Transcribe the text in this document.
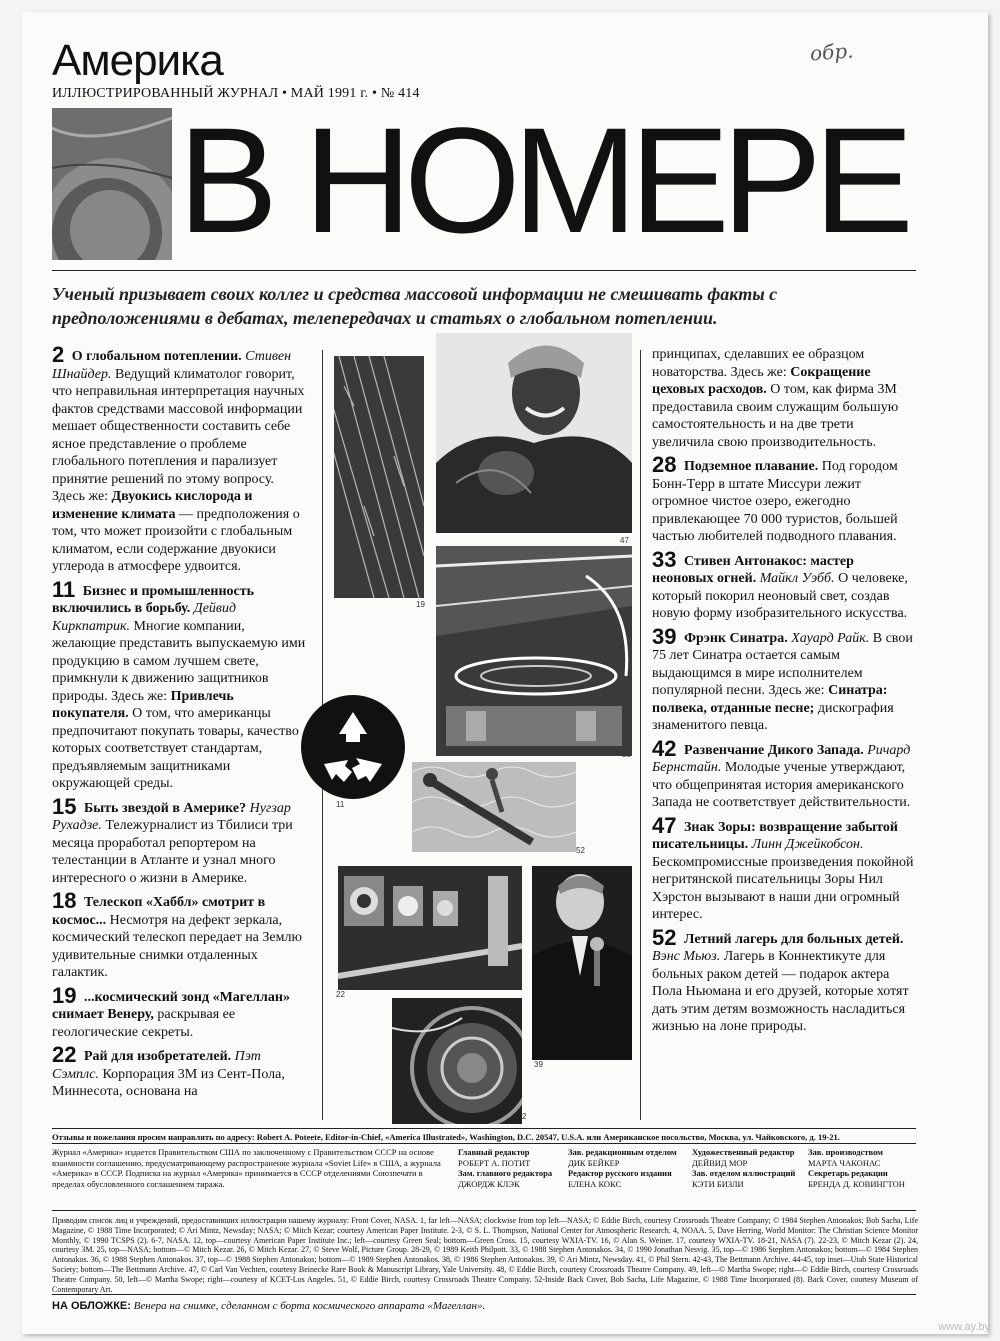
Америка
ИЛЛЮСТРИРОВАННЫЙ ЖУРНАЛ • МАЙ 1991 г. • № 414
обр.
В НОМЕРЕ
Ученый призывает своих коллег и средства массовой информации не смешивать факты с предположениями в дебатах, телепередачах и статьях о глобальном потеплении.
2 О глобальном потеплении. Стивен Шнайдер. Ведущий климатолог говорит, что неправильная интерпретация научных фактов средствами массовой информации мешает общественности составить себе ясное представление о проблеме глобального потепления и парализует принятие решений по этому вопросу. Здесь же: Двуокись кислорода и изменение климата — предположения о том, что может произойти с глобальным климатом, если содержание двуокиси углерода в атмосфере удвоится.
11 Бизнес и промышленность включились в борьбу. Дейвид Киркпатрик. Многие компании, желающие представить выпускаемую ими продукцию в самом лучшем свете, примкнули к движению защитников природы. Здесь же: Привлечь покупателя. О том, что американцы предпочитают покупать товары, качество которых соответствует стандартам, предъявляемым защитниками окружающей среды.
15 Быть звездой в Америке? Нугзар Рухадзе. Тележурналист из Тбилиси три месяца проработал репортером на телестанции в Атланте и узнал много интересного о жизни в Америке.
18 Телескоп «Хаббл» смотрит в космос... Несмотря на дефект зеркала, космический телескоп передает на Землю удивительные снимки отдаленных галактик.
19 ...космический зонд «Магеллан» снимает Венеру, раскрывая ее геологические секреты.
22 Рай для изобретателей. Пэт Сэмплс. Корпорация 3М из Сент-Пола, Миннесота, основана на
19
47
33
11
52
22
39
2
принципах, сделавших ее образцом новаторства. Здесь же: Сокращение цеховых расходов. О том, как фирма 3М предоставила своим служащим большую самостоятельность и на две трети увеличила свою производительность.
28 Подземное плавание. Под городом Бонн-Терр в штате Миссури лежит огромное чистое озеро, ежегодно привлекающее 70 000 туристов, большей частью любителей подводного плавания.
33 Стивен Антонакос: мастер неоновых огней. Майкл Уэбб. О человеке, который покорил неоновый свет, создав новую форму изобразительного искусства.
39 Фрэнк Синатра. Хауард Райк. В свои 75 лет Синатра остается самым выдающимся в мире исполнителем популярной песни. Здесь же: Синатра: полвека, отданные песне; дискография знаменитого певца.
42 Развенчание Дикого Запада. Ричард Бернстайн. Молодые ученые утверждают, что общепринятая история американского Запада не соответствует действительности.
47 Знак Зоры: возвращение забытой писательницы. Линн Джейкобсон. Бескомпромиссные произведения покойной негритянской писательницы Зоры Нил Хэрстон вызывают в наши дни огромный интерес.
52 Летний лагерь для больных детей. Вэнс Мьюз. Лагерь в Коннектикуте для больных раком детей — подарок актера Пола Ньюмана и его друзей, которые хотят дать этим детям возможность насладиться жизнью на лоне природы.
Отзывы и пожелания просим направлять по адресу: Robert A. Poteete, Editor-in-Chief, «America Illustrated», Washington, D.C. 20547, U.S.A. или Американское посольство, Москва, ул. Чайковского, д. 19-21.
Журнал «Америка» издается Правительством США по заключенному с Правительством СССР на основе взаимности соглашению, предусматривающему распространение журнала «Soviet Life» в США, а журнала «Америка» в СССР. Подписка на журнал «Америка» принимается в СССР отделениями Союзпечати в пределах обусловленного соглашением тиража.
Главный редактор
РОБЕРТ А. ПОТИТ
Зам. главного редактора
ДЖОРДЖ КЛЭК
Зав. редакционным отделом
ДИК БЕЙКЕР
Редактор русского издания
ЕЛЕНА КОКС
Художественный редактор
ДЕЙВИД МОР
Зав. отделом иллюстраций
КЭТИ БИЗЛИ
Зав. производством
МАРТА ЧАКОНАС
Секретарь редакции
БРЕНДА Д. КОВИНГТОН
Приводим список лиц и учреждений, предоставивших иллюстрации нашему журналу: Front Cover, NASA. 1, far left—NASA; clockwise from top left—NASA; © Eddie Birch, courtesy Crossroads Theatre Company; © 1984 Stephen Antonakos; Bob Sacha, Life Magazine, © 1988 Time Incorporated; © Ari Mintz, Newsday; NASA; © Mitch Kezar; courtesy American Paper Institute. 2-3, © S. L. Thompson, National Center for Atmospheric Research. 4, NOAA. 5, Dave Herring, World Monitor: The Christian Science Monitor Monthly, © 1990 TCSPS (2). 6-7, NASA. 12, top—courtesy American Paper Institute Inc.; left—courtesy Green Seal; bottom—Green Cross. 15, courtesy WXIA-TV. 16, © Alan S. Weiner. 17, courtesy WXIA-TV. 18-21, NASA (7). 22-23, © Mitch Kezar (2). 24, courtesy 3M. 25, top—NASA; bottom—© Mitch Kezar. 26, © Mitch Kezar. 27, © Steve Wolf, Picture Group. 28-29, © 1989 Keith Philpott. 33, © 1988 Stephen Antonakos. 34, © 1990 Jonathan Nesvig. 35, top—© 1986 Stephen Antonakos; bottom—© 1984 Stephen Antonakos. 36, © 1988 Stephen Antonakos. 37, top—© 1988 Stephen Antonakos; bottom—© 1989 Stephen Antonakos. 38, © 1986 Stephen Antonakos. 39, © Ari Mintz, Newsday. 41, © Phil Stern. 42-43, The Bettmann Archive. 44-45, top inset—Utah State Historical Society; bottom—The Bettmann Archive. 47, © Carl Van Vechten, courtesy Beinecke Rare Book & Manuscript Library, Yale University. 48, © Eddie Birch, courtesy Crossroads Theatre Company. 49, left—© Martha Swope; right—© Eddie Birch, courtesy Crossroads Theatre Company. 50, left—© Martha Swope; right—courtesy of KCET-Los Angeles. 51, © Eddie Birch, courtesy Crossroads Theatre Company. 52-Inside Back Cover, Bob Sacha, Life Magazine, © 1988 Time Incorporated (8). Back Cover, courtesy Museum of Contemporary Art.
НА ОБЛОЖКЕ: Венера на снимке, сделанном с борта космического аппарата «Магеллан».
www.ay.by
